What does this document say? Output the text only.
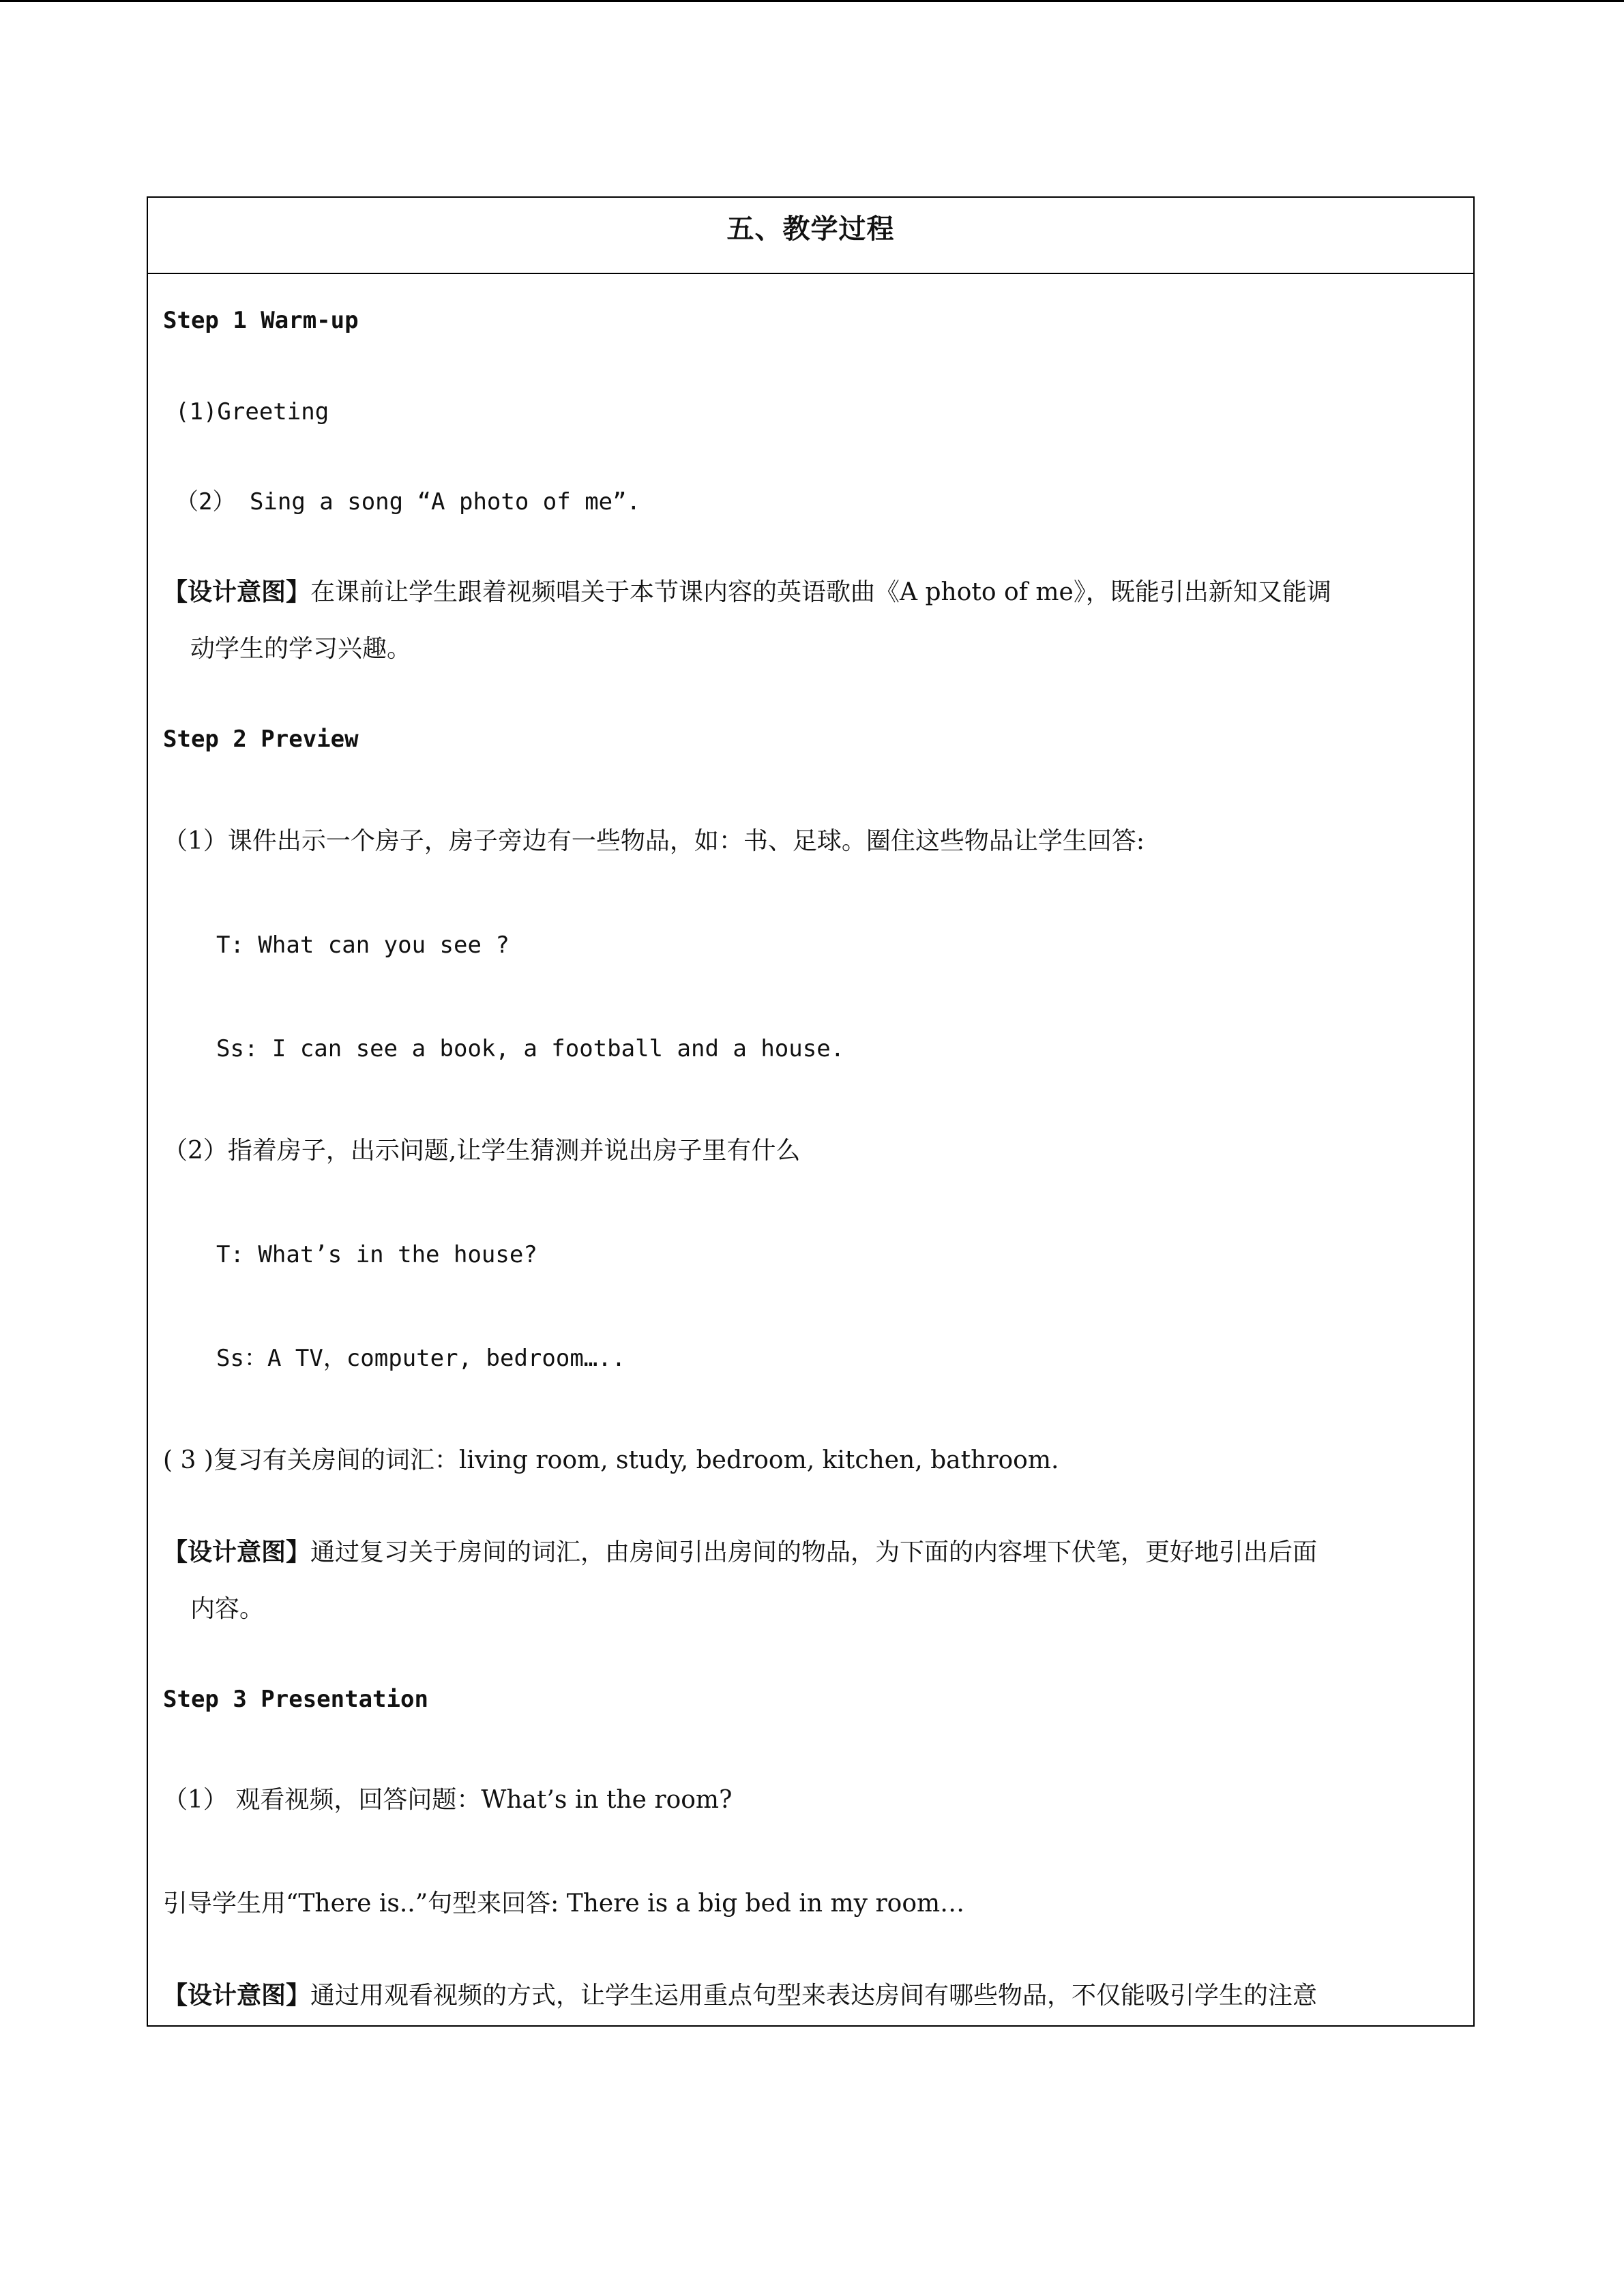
五、教学过程
Step 1 Warm-up
(1)Greeting
（2） Sing a song “A photo of me”.
【设计意图】在课前让学生跟着视频唱关于本节课内容的英语歌曲《A photo of me》，既能引出新知又能调
动学生的学习兴趣。
Step 2 Preview
（1）课件出示一个房子，房子旁边有一些物品，如：书、足球。圈住这些物品让学生回答:
T: What can you see ?
Ss: I can see a book, a football and a house.
（2）指着房子，出示问题,让学生猜测并说出房子里有什么
T: What’s in the house?
Ss：A TV，computer, bedroom…..
( 3 )复习有关房间的词汇：living room, study, bedroom, kitchen, bathroom.
【设计意图】通过复习关于房间的词汇，由房间引出房间的物品，为下面的内容埋下伏笔，更好地引出后面
内容。
Step 3 Presentation
（1） 观看视频，回答问题：What’s in the room?
引导学生用“There is..”句型来回答: There is a big bed in my room…
【设计意图】通过用观看视频的方式，让学生运用重点句型来表达房间有哪些物品，不仅能吸引学生的注意
